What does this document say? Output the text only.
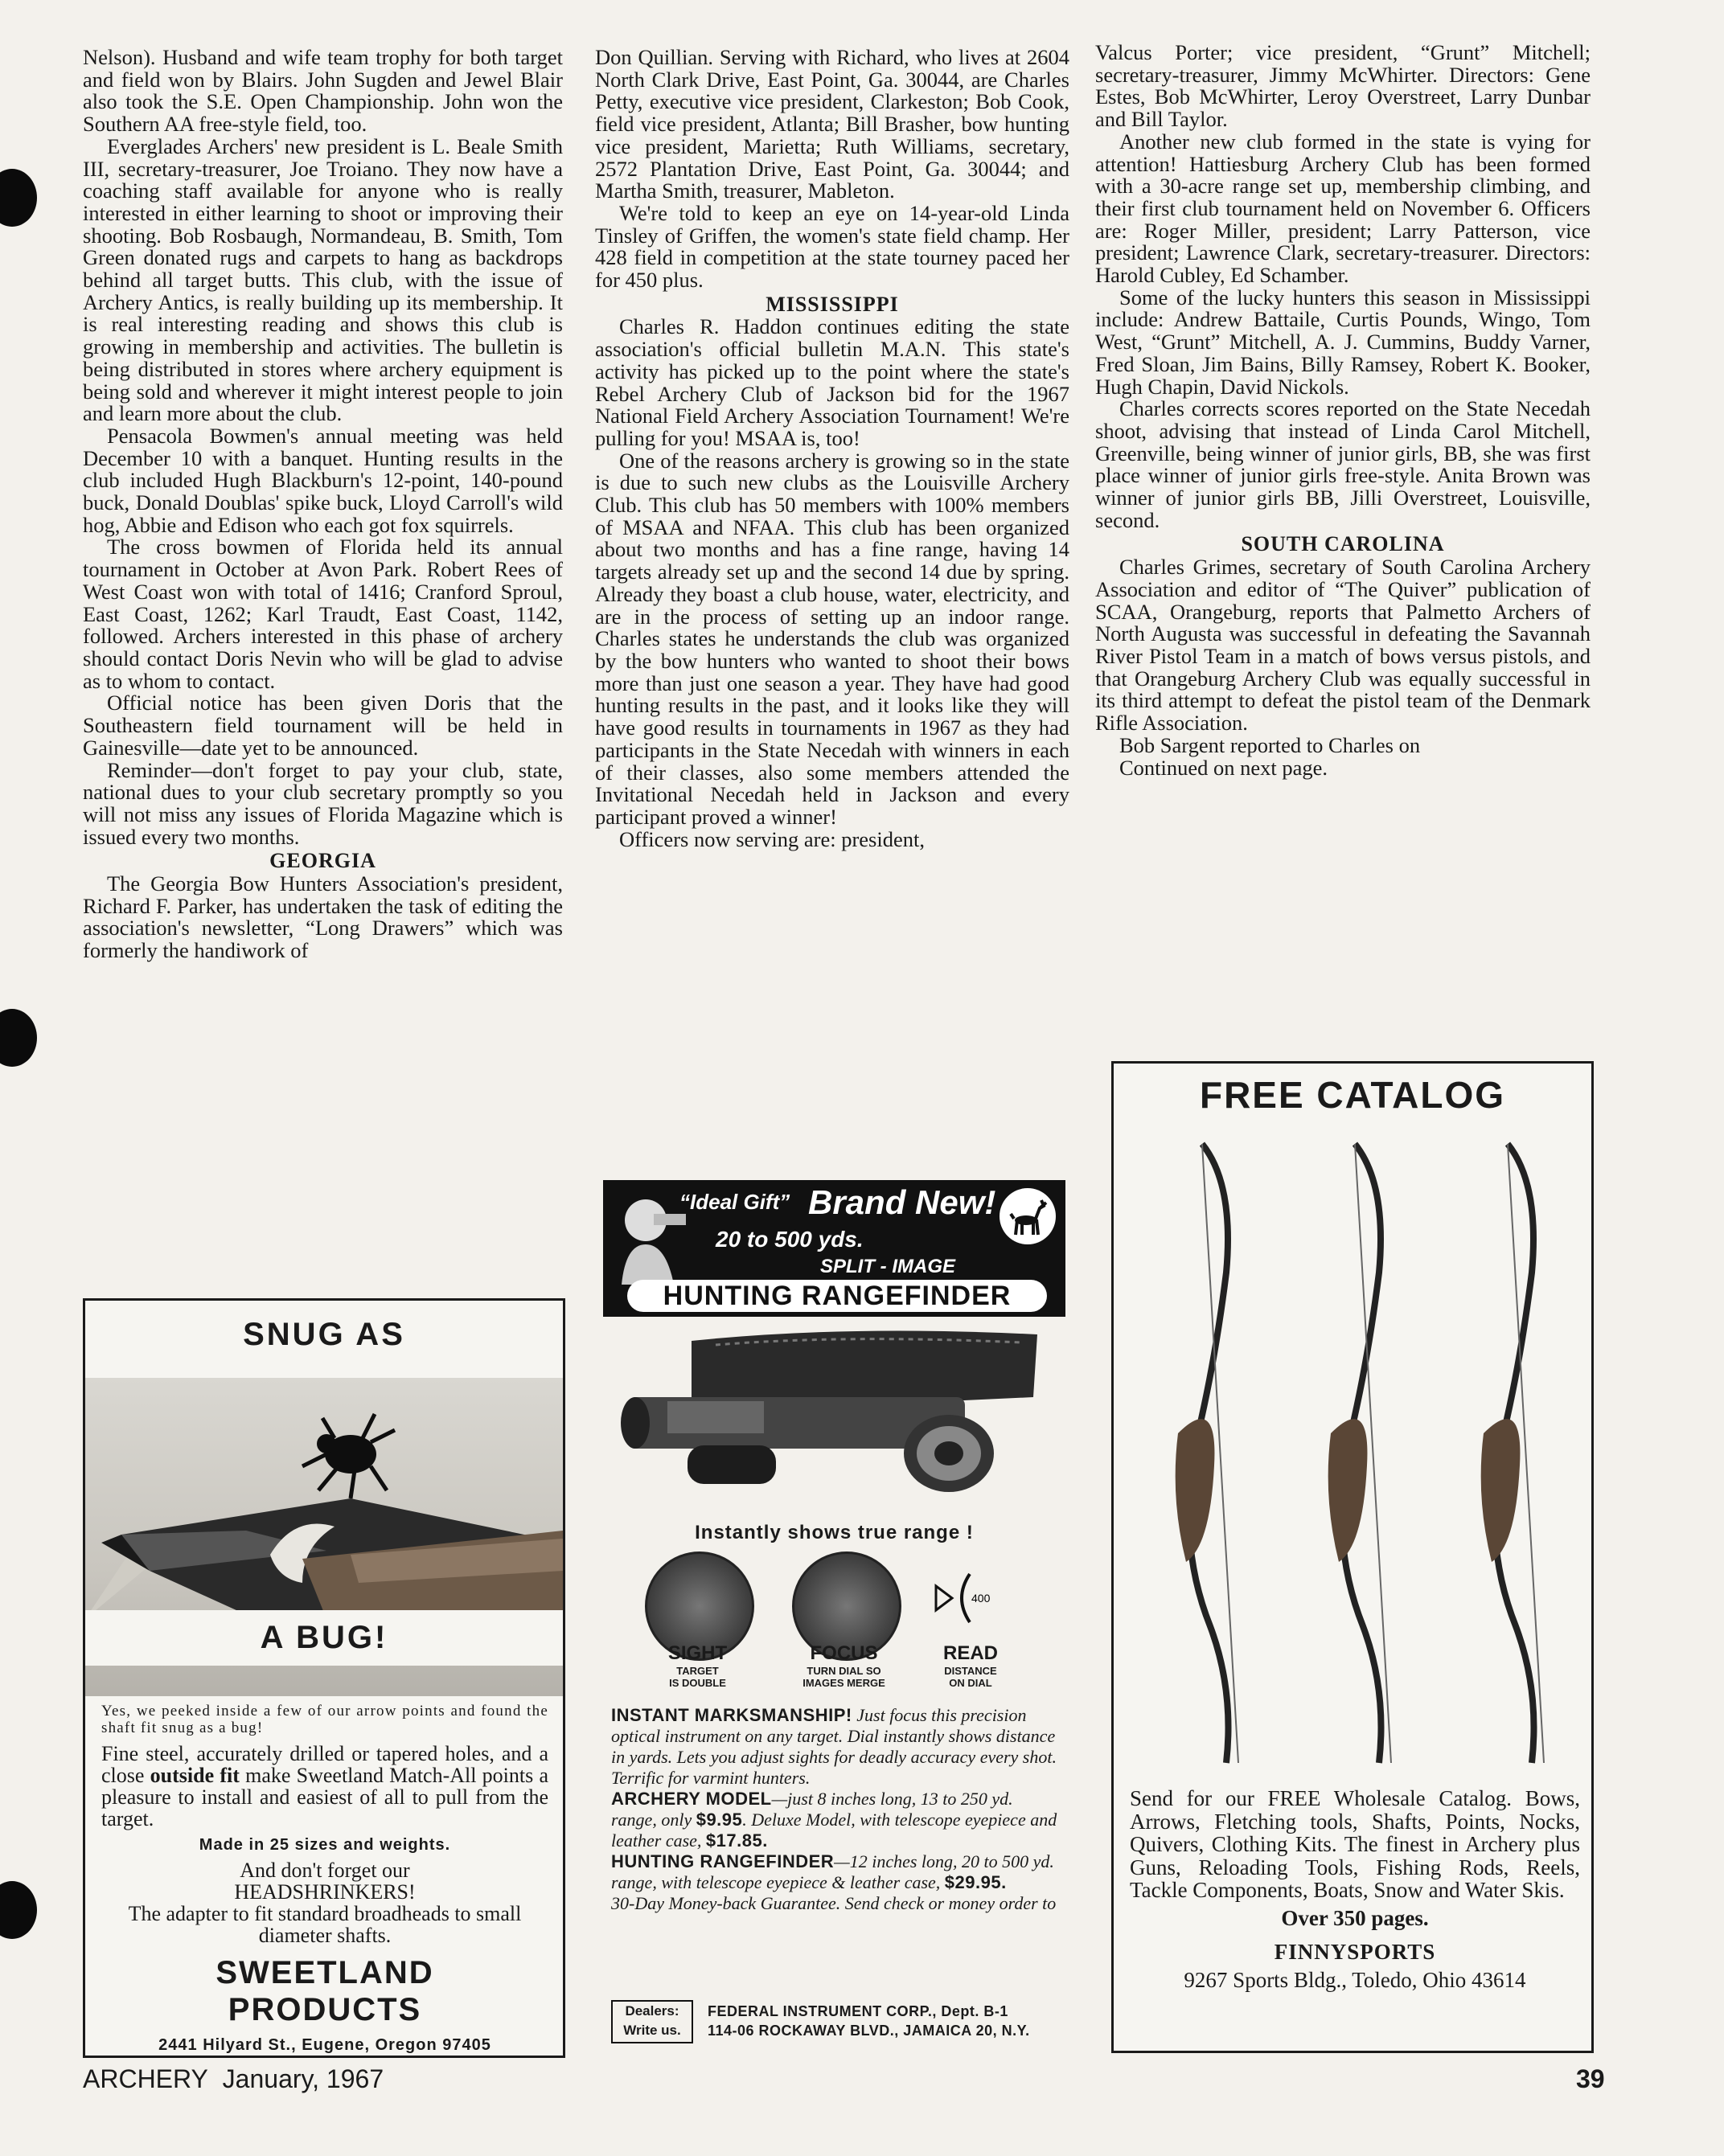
Nelson). Husband and wife team trophy for both target and field won by Blairs. John Sugden and Jewel Blair also took the S.E. Open Championship. John won the Southern AA free-style field, too.

Everglades Archers' new president is L. Beale Smith III, secretary-treasurer, Joe Troiano. They now have a coaching staff available for anyone who is really interested in either learning to shoot or improving their shooting. Bob Rosbaugh, Normandeau, B. Smith, Tom Green donated rugs and carpets to hang as backdrops behind all target butts. This club, with the issue of Archery Antics, is really building up its membership. It is real interesting reading and shows this club is growing in membership and activities. The bulletin is being distributed in stores where archery equipment is being sold and wherever it might interest people to join and learn more about the club.

Pensacola Bowmen's annual meeting was held December 10 with a banquet. Hunting results in the club included Hugh Blackburn's 12-point, 140-pound buck, Donald Doublas' spike buck, Lloyd Carroll's wild hog, Abbie and Edison who each got fox squirrels.

The cross bowmen of Florida held its annual tournament in October at Avon Park. Robert Rees of West Coast won with total of 1416; Cranford Sproul, East Coast, 1262; Karl Traudt, East Coast, 1142, followed. Archers interested in this phase of archery should contact Doris Nevin who will be glad to advise as to whom to contact.

Official notice has been given Doris that the Southeastern field tournament will be held in Gainesville—date yet to be announced.

Reminder—don't forget to pay your club, state, national dues to your club secretary promptly so you will not miss any issues of Florida Magazine which is issued every two months.

GEORGIA

The Georgia Bow Hunters Association's president, Richard F. Parker, has undertaken the task of editing the association's newsletter, “Long Drawers” which was formerly the handiwork of

Don Quillian. Serving with Richard, who lives at 2604 North Clark Drive, East Point, Ga. 30044, are Charles Petty, executive vice president, Clarkeston; Bob Cook, field vice president, Atlanta; Bill Brasher, bow hunting vice president, Marietta; Ruth Williams, secretary, 2572 Plantation Drive, East Point, Ga. 30044; and Martha Smith, treasurer, Mableton.

We're told to keep an eye on 14-year-old Linda Tinsley of Griffen, the women's state field champ. Her 428 field in competition at the state tourney paced her for 450 plus.

MISSISSIPPI

Charles R. Haddon continues editing the state association's official bulletin M.A.N. This state's activity has picked up to the point where the state's Rebel Archery Club of Jackson bid for the 1967 National Field Archery Association Tournament! We're pulling for you! MSAA is, too!

One of the reasons archery is growing so in the state is due to such new clubs as the Louisville Archery Club. This club has 50 members with 100% members of MSAA and NFAA. This club has been organized about two months and has a fine range, having 14 targets already set up and the second 14 due by spring. Already they boast a club house, water, electricity, and are in the process of setting up an indoor range. Charles states he understands the club was organized by the bow hunters who wanted to shoot their bows more than just one season a year. They have had good hunting results in the past, and it looks like they will have good results in tournaments in 1967 as they had participants in the State Necedah with winners in each of their classes, also some members attended the Invitational Necedah held in Jackson and every participant proved a winner!

Officers now serving are: president,

Valcus Porter; vice president, “Grunt” Mitchell; secretary-treasurer, Jimmy McWhirter. Directors: Gene Estes, Bob McWhirter, Leroy Overstreet, Larry Dunbar and Bill Taylor.

Another new club formed in the state is vying for attention! Hattiesburg Archery Club has been formed with a 30-acre range set up, membership climbing, and their first club tournament held on November 6. Officers are: Roger Miller, president; Larry Patterson, vice president; Lawrence Clark, secretary-treasurer. Directors: Harold Cubley, Ed Schamber.

Some of the lucky hunters this season in Mississippi include: Andrew Battaile, Curtis Pounds, Wingo, Tom West, “Grunt” Mitchell, A. J. Cummins, Buddy Varner, Fred Sloan, Jim Bains, Billy Ramsey, Robert K. Booker, Hugh Chapin, David Nickols.

Charles corrects scores reported on the State Necedah shoot, advising that instead of Linda Carol Mitchell, Greenville, being winner of junior girls, BB, she was first place winner of junior girls free-style. Anita Brown was winner of junior girls BB, Jilli Overstreet, Louisville, second.

SOUTH CAROLINA

Charles Grimes, secretary of South Carolina Archery Association and editor of “The Quiver” publication of SCAA, Orangeburg, reports that Palmetto Archers of North Augusta was successful in defeating the Savannah River Pistol Team in a match of bows versus pistols, and that Orangeburg Archery Club was equally successful in its third attempt to defeat the pistol team of the Denmark Rifle Association.

Bob Sargent reported to Charles on

Continued on next page.

SNUG AS
A BUG!
Yes, we peeked inside a few of our arrow points and found the shaft fit snug as a bug!
Fine steel, accurately drilled or tapered holes, and a close outside fit make Sweetland Match-All points a pleasure to install and easiest of all to pull from the target.
Made in 25 sizes and weights.
And don't forget our
HEADSHRINKERS!
The adapter to fit standard broadheads to small diameter shafts.
SWEETLAND
PRODUCTS
2441 Hilyard St., Eugene, Oregon 97405
“Ideal Gift” Brand New!
20 to 500 yds.
SPLIT - IMAGE
HUNTING RANGEFINDER
Instantly shows true range !
400
SIGHT
TARGET
IS DOUBLE
FOCUS
TURN DIAL SO
IMAGES MERGE
READ
DISTANCE
ON DIAL
INSTANT MARKSMANSHIP! Just focus this precision optical instrument on any target. Dial instantly shows distance in yards. Lets you adjust sights for deadly accuracy every shot. Terrific for varmint hunters.
ARCHERY MODEL—just 8 inches long, 13 to 250 yd. range, only $9.95. Deluxe Model, with telescope eyepiece and leather case, $17.85.
HUNTING RANGEFINDER—12 inches long, 20 to 500 yd. range, with telescope eyepiece & leather case, $29.95.
30-Day Money-back Guarantee. Send check or money order to
Dealers:
Write us.
FEDERAL INSTRUMENT CORP., Dept. B-1
114-06 ROCKAWAY BLVD., JAMAICA 20, N.Y.
FREE CATALOG
Send for our FREE Wholesale Catalog. Bows, Arrows, Fletching tools, Shafts, Points, Nocks, Quivers, Clothing Kits. The finest in Archery plus Guns, Reloading Tools, Fishing Rods, Reels, Tackle Components, Boats, Snow and Water Skis.
Over 350 pages.
FINNYSPORTS
9267 Sports Bldg., Toledo, Ohio 43614
ARCHERY January, 1967	39
